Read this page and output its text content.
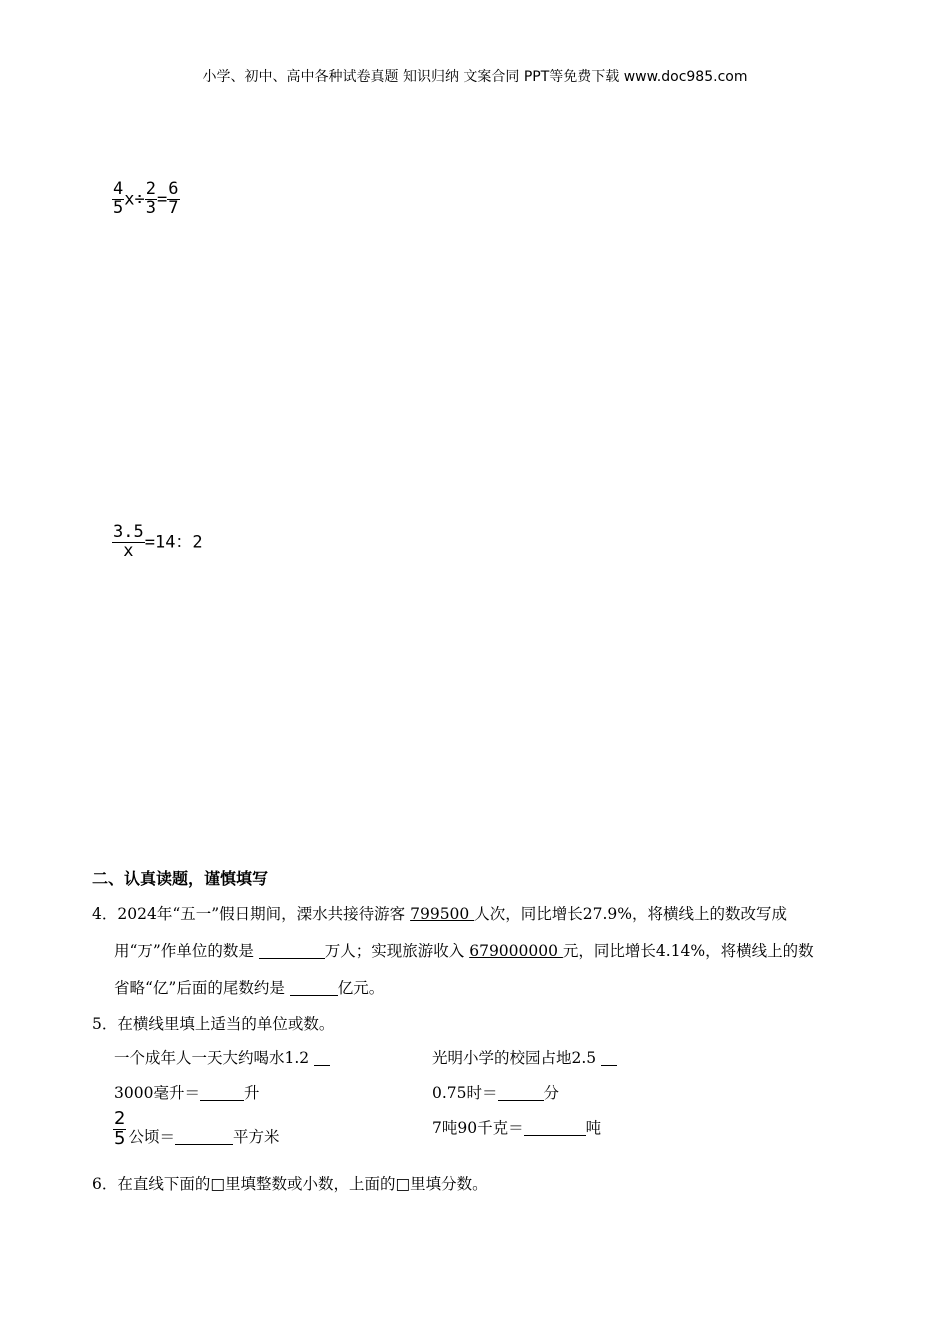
小学、初中、高中各种试卷真题 知识归纳 文案合同 PPT等免费下载 www.doc985.com
$\frac{4}{5} x\div \frac{2}{3} = \frac{6}{7}$
$\frac{3.5}{x} =14$：2
二、认真读题，谨慎填写
4．2024年“五一”假日期间，溧水共接待游客 799500 人次，同比增长27.9%，将横线上的数改写成
用“万”作单位的数是	万人；实现旅游收入 679000000 元，同比增长4.14%，将横线上的数
省略“亿”后面的尾数约是	亿元。
5．在横线里填上适当的单位或数。
一个成年人一天大约喝水1.2	光明小学的校园占地2.5
3000毫升＝	升	0.75时＝	分
$\frac{2}{5}$ 公顷＝	平方米	7吨90千克＝	吨
6．在直线下面的□里填整数或小数，上面的□里填分数。
